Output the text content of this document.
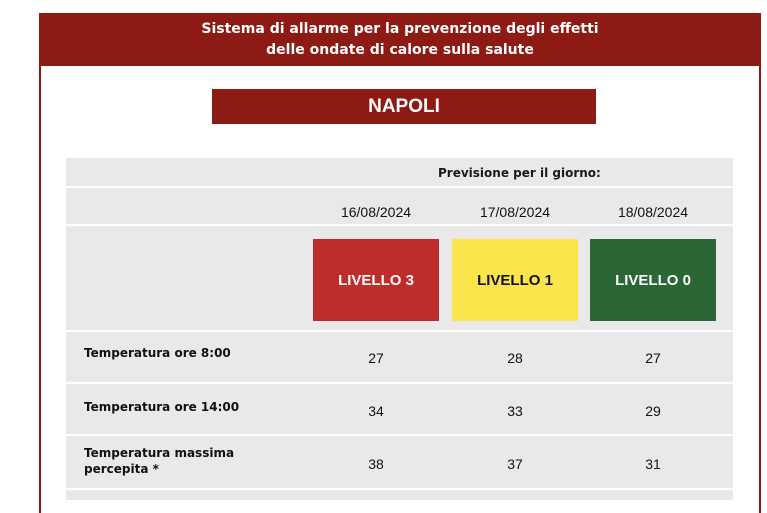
Sistema di allarme per la prevenzione degli effetti
delle ondate di calore sulla salute
NAPOLI
Previsione per il giorno:
16/08/2024	17/08/2024	18/08/2024
LIVELLO 3	LIVELLO 1	LIVELLO 0
Temperatura ore 8:00	27	28	27
Temperatura ore 14:00	34	33	29
Temperatura massima
percepita *	38	37	31
